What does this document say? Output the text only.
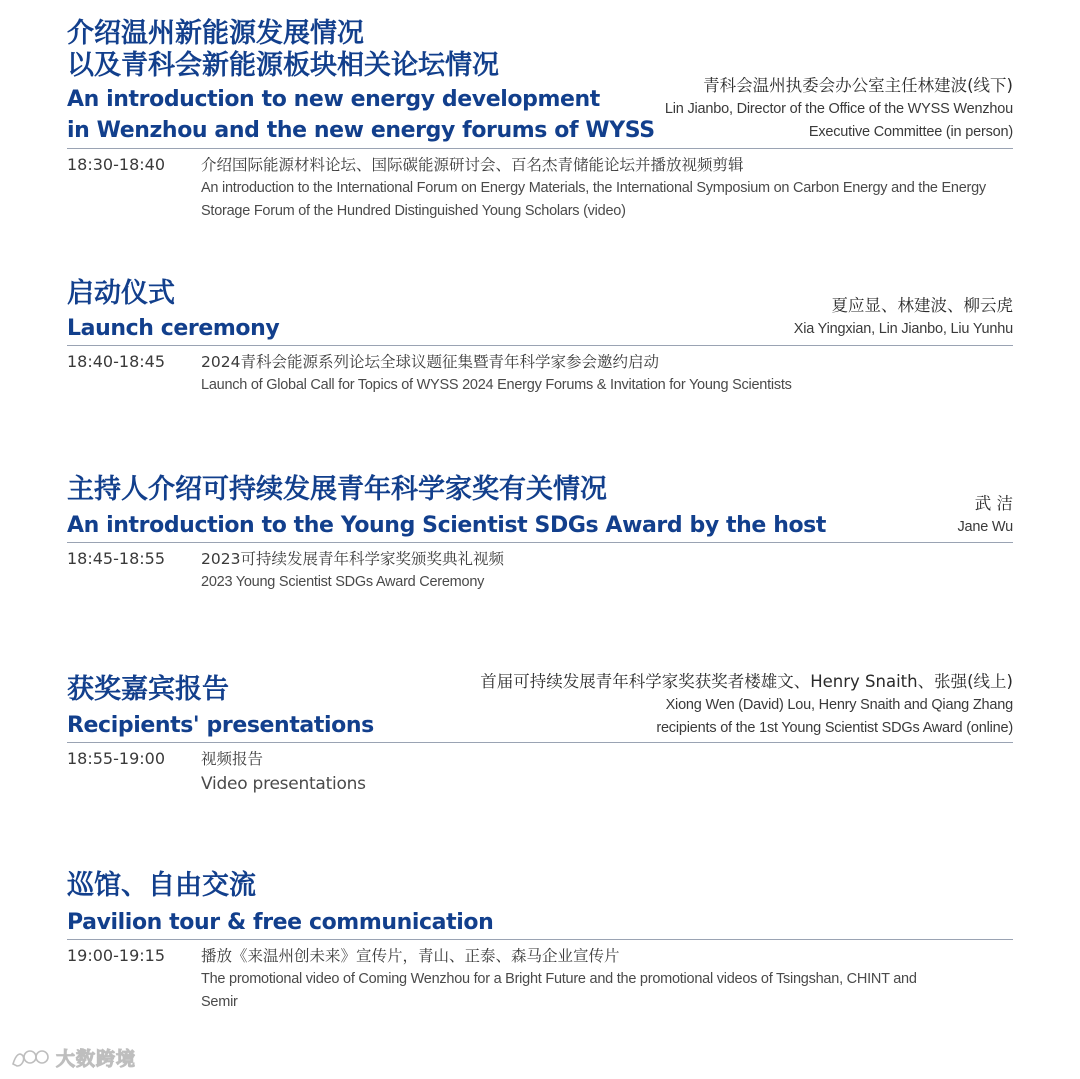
介绍温州新能源发展情况
以及青科会新能源板块相关论坛情况
An introduction to new energy development
in Wenzhou and the new energy forums of WYSS
青科会温州执委会办公室主任林建波(线下)
Lin Jianbo, Director of the Office of the WYSS Wenzhou
Executive Committee (in person)
18:30-18:40 介绍国际能源材料论坛、国际碳能源研讨会、百名杰青储能论坛并播放视频剪辑
An introduction to the International Forum on Energy Materials, the International Symposium on Carbon Energy and the Energy Storage Forum of the Hundred Distinguished Young Scholars (video)
启动仪式
Launch ceremony
夏应显、林建波、柳云虎
Xia Yingxian, Lin Jianbo, Liu Yunhu
18:40-18:45 2024青科会能源系列论坛全球议题征集暨青年科学家参会邀约启动
Launch of Global Call for Topics of WYSS 2024 Energy Forums & Invitation for Young Scientists
主持人介绍可持续发展青年科学家奖有关情况
An introduction to the Young Scientist SDGs Award by the host
武 洁
Jane Wu
18:45-18:55 2023可持续发展青年科学家奖颁奖典礼视频
2023 Young Scientist SDGs Award Ceremony
获奖嘉宾报告
Recipients' presentations
首届可持续发展青年科学家奖获奖者楼雄文、Henry Snaith、张强(线上)
Xiong Wen (David) Lou, Henry Snaith and Qiang Zhang
recipients of the 1st Young Scientist SDGs Award (online)
18:55-19:00 视频报告
Video presentations
巡馆、自由交流
Pavilion tour & free communication
19:00-19:15 播放《来温州创未来》宣传片，青山、正泰、森马企业宣传片
The promotional video of Coming Wenzhou for a Bright Future and the promotional videos of Tsingshan, CHINT and Semir
大数跨境
